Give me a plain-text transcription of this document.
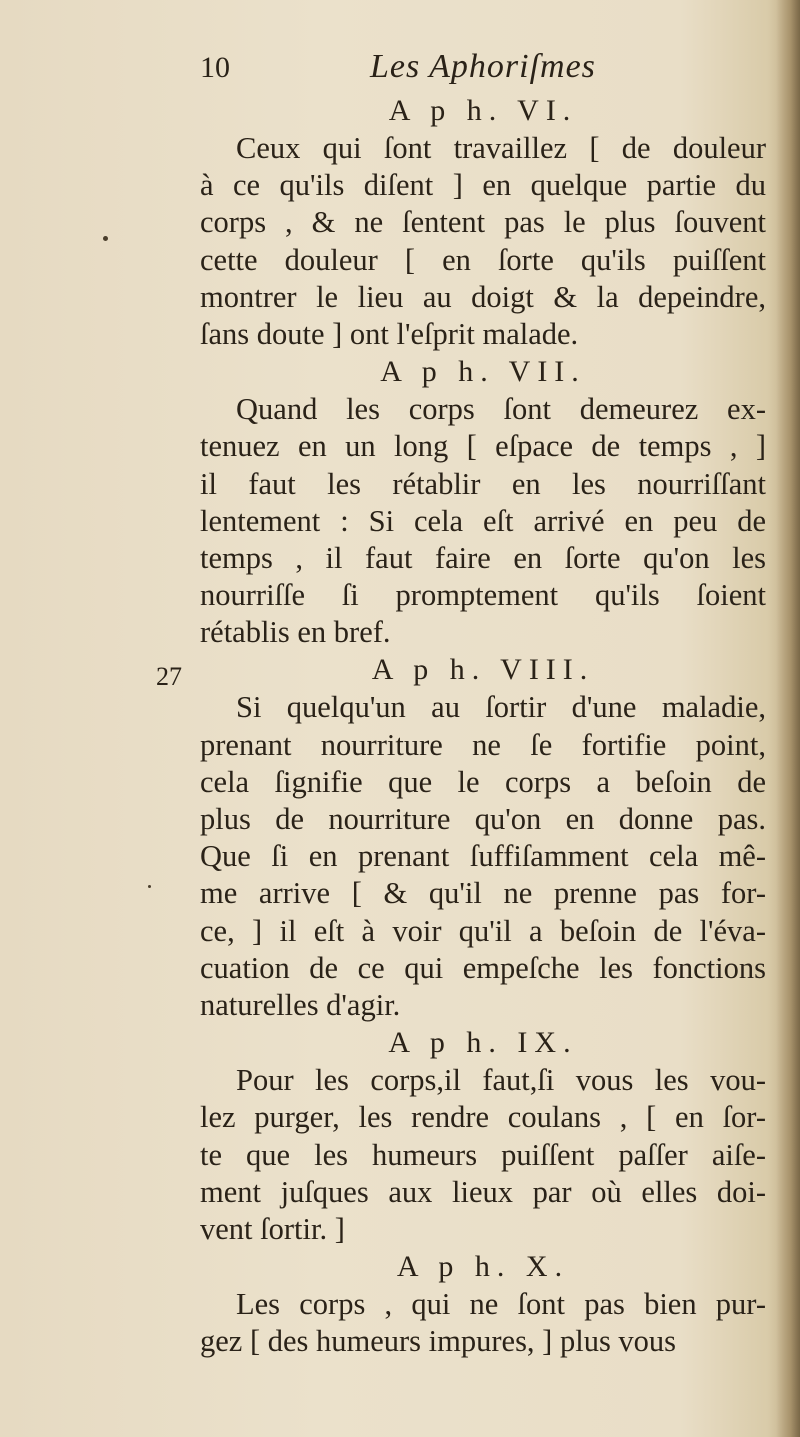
27
10	Les Aphoriſmes
A p h. VI.
Ceux qui ſont travaillez [ de douleur
à ce qu'ils diſent ] en quelque partie du
corps , & ne ſentent pas le plus ſouvent
cette douleur [ en ſorte qu'ils puiſſent
montrer le lieu au doigt & la depeindre,
ſans doute ] ont l'eſprit malade.
A p h. VII.
Quand les corps ſont demeurez ex-
tenuez en un long [ eſpace de temps , ]
il faut les rétablir en les nourriſſant
lentement : Si cela eſt arrivé en peu de
temps , il faut faire en ſorte qu'on les
nourriſſe ſi promptement qu'ils ſoient
rétablis en bref.
A p h. VIII.
Si quelqu'un au ſortir d'une maladie,
prenant nourriture ne ſe fortifie point,
cela ſignifie que le corps a beſoin de
plus de nourriture qu'on en donne pas.
Que ſi en prenant ſuffiſamment cela mê-
me arrive [ & qu'il ne prenne pas for-
ce, ] il eſt à voir qu'il a beſoin de l'éva-
cuation de ce qui empeſche les fonctions
naturelles d'agir.
A p h. IX.
Pour les corps,il faut,ſi vous les vou-
lez purger, les rendre coulans , [ en ſor-
te que les humeurs puiſſent paſſer aiſe-
ment juſques aux lieux par où elles doi-
vent ſortir. ]
A p h. X.
Les corps , qui ne ſont pas bien pur-
gez [ des humeurs impures, ] plus vous
